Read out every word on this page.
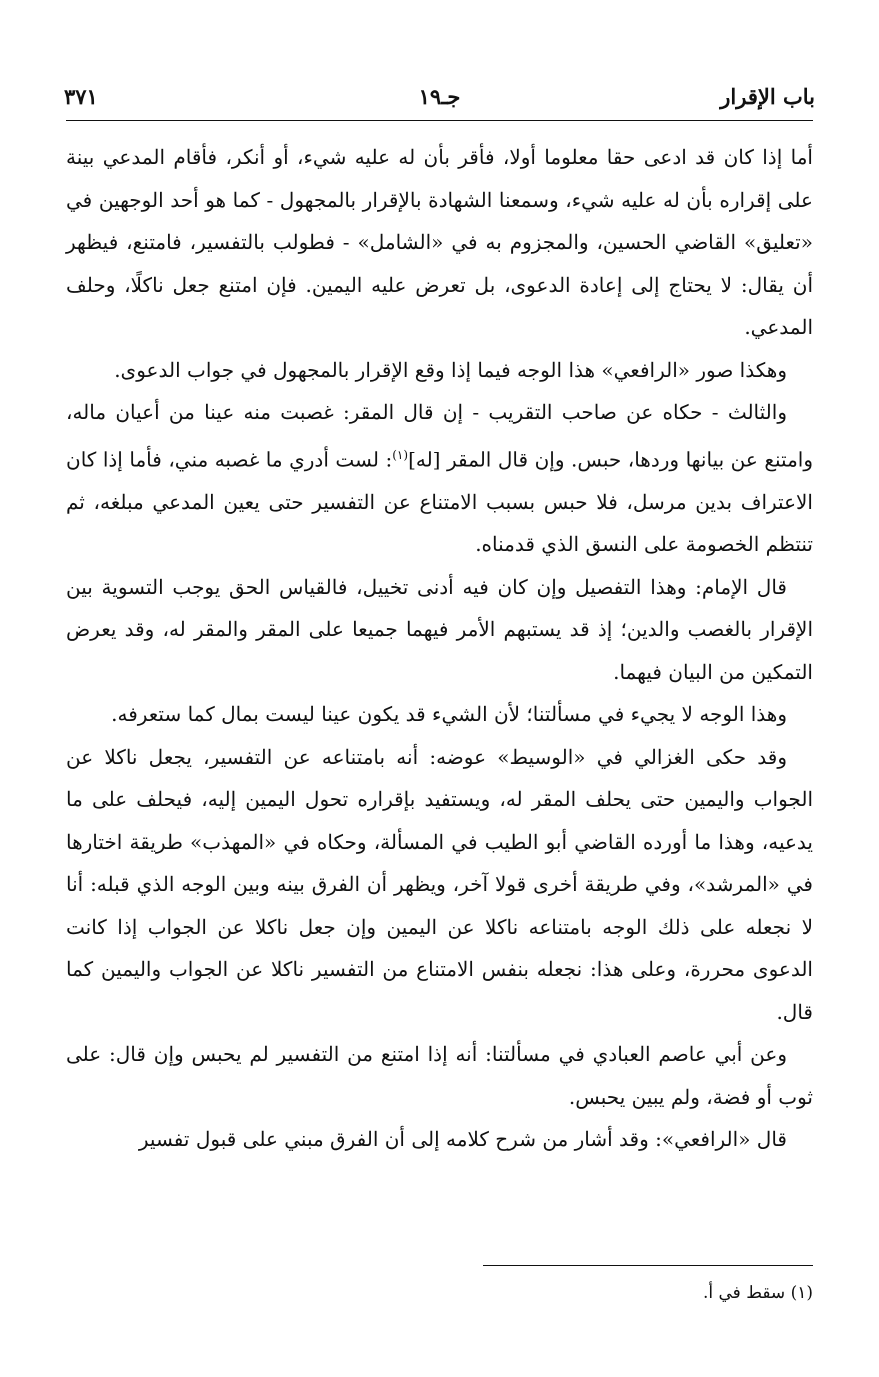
باب الإقرار
جـ١٩
٣٧١

أما إذا كان قد ادعى حقا معلوما أولا، فأقر بأن له عليه شيء، أو أنكر، فأقام المدعي بينة على إقراره بأن له عليه شيء، وسمعنا الشهادة بالإقرار بالمجهول - كما هو أحد الوجهين في «تعليق» القاضي الحسين، والمجزوم به في «الشامل» - فطولب بالتفسير، فامتنع، فيظهر أن يقال: لا يحتاج إلى إعادة الدعوى، بل تعرض عليه اليمين. فإن امتنع جعل ناكلًا، وحلف المدعي.

وهكذا صور «الرافعي» هذا الوجه فيما إذا وقع الإقرار بالمجهول في جواب الدعوى.

والثالث - حكاه عن صاحب التقريب - إن قال المقر: غصبت منه عينا من أعيان ماله، وامتنع عن بيانها وردها، حبس. وإن قال المقر [له]$^{(١)}$: لست أدري ما غصبه مني، فأما إذا كان الاعتراف بدين مرسل، فلا حبس بسبب الامتناع عن التفسير حتى يعين المدعي مبلغه، ثم تنتظم الخصومة على النسق الذي قدمناه.

قال الإمام: وهذا التفصيل وإن كان فيه أدنى تخييل، فالقياس الحق يوجب التسوية بين الإقرار بالغصب والدين؛ إذ قد يستبهم الأمر فيهما جميعا على المقر والمقر له، وقد يعرض التمكين من البيان فيهما.

وهذا الوجه لا يجيء في مسألتنا؛ لأن الشيء قد يكون عينا ليست بمال كما ستعرفه.

وقد حكى الغزالي في «الوسيط» عوضه: أنه بامتناعه عن التفسير، يجعل ناكلا عن الجواب واليمين حتى يحلف المقر له، ويستفيد بإقراره تحول اليمين إليه، فيحلف على ما يدعيه، وهذا ما أورده القاضي أبو الطيب في المسألة، وحكاه في «المهذب» طريقة اختارها في «المرشد»، وفي طريقة أخرى قولا آخر، ويظهر أن الفرق بينه وبين الوجه الذي قبله: أنا لا نجعله على ذلك الوجه بامتناعه ناكلا عن اليمين وإن جعل ناكلا عن الجواب إذا كانت الدعوى محررة، وعلى هذا: نجعله بنفس الامتناع من التفسير ناكلا عن الجواب واليمين كما قال.

وعن أبي عاصم العبادي في مسألتنا: أنه إذا امتنع من التفسير لم يحبس وإن قال: على ثوب أو فضة، ولم يبين يحبس.

قال «الرافعي»: وقد أشار من شرح كلامه إلى أن الفرق مبني على قبول تفسير

(١) سقط في أ.
